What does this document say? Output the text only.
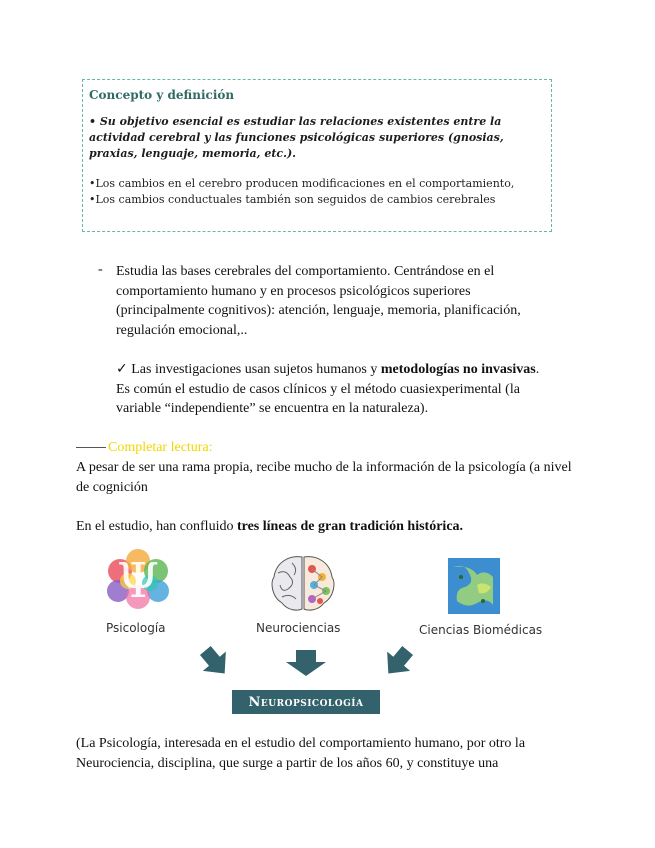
Concepto y definición

• Su objetivo esencial es estudiar las relaciones existentes entre la actividad cerebral y las funciones psicológicas superiores (gnosias, praxias, lenguaje, memoria, etc.).

•Los cambios en el cerebro producen modificaciones en el comportamiento,

•Los cambios conductuales también son seguidos de cambios cerebrales

- Estudia las bases cerebrales del comportamiento. Centrándose en el comportamiento humano y en procesos psicológicos superiores (principalmente cognitivos): atención, lenguaje, memoria, planificación, regulación emocional,..

✓ Las investigaciones usan sujetos humanos y metodologías no invasivas. Es común el estudio de casos clínicos y el método cuasiexperimental (la variable “independiente” se encuentra en la naturaleza).

Completar lectura:

A pesar de ser una rama propia, recibe mucho de la información de la psicología (a nivel de cognición

En el estudio, han confluido tres líneas de gran tradición histórica.

Ψ
Psicología	Neurociencias	Ciencias Biomédicas
Neuropsicología

(La Psicología, interesada en el estudio del comportamiento humano, por otro la Neurociencia, disciplina, que surge a partir de los años 60, y constituye una
